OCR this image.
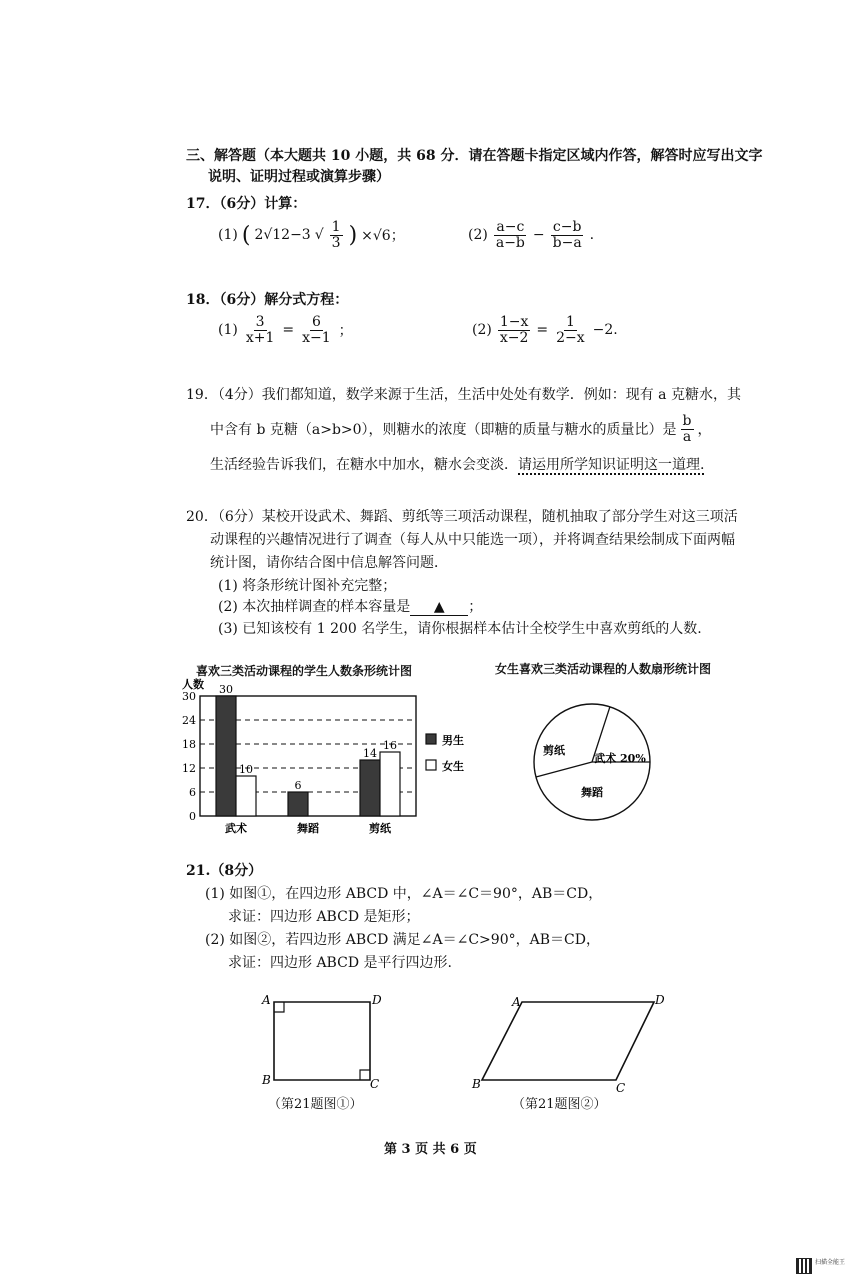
三、解答题（本大题共 10 小题，共 68 分．请在答题卡指定区域内作答，解答时应写出文字
说明、证明过程或演算步骤）
17．（6分）计算：
(1) ( 2√12−3 √ $\frac{1}{3}$ ) ×√6；	$(2) \frac{a-c}{a-b} - \frac{c-b}{b-a}$ .
18．（6分）解分式方程：
$(1) \frac{3}{x+1} = \frac{6}{x-1}$ ；	$(2) \frac{1-x}{x-2} = \frac{1}{2-x} -2$.
19．（4分）我们都知道，数学来源于生活，生活中处处有数学．例如：现有 a 克糖水，其
中含有 b 克糖（a>b>0），则糖水的浓度（即糖的质量与糖水的质量比）是 $\frac{b}{a}$ ，
生活经验告诉我们，在糖水中加水，糖水会变淡．请运用所学知识证明这一道理.
20．（6分）某校开设武术、舞蹈、剪纸等三项活动课程，随机抽取了部分学生对这三项活
动课程的兴趣情况进行了调查（每人从中只能选一项），并将调查结果绘制成下面两幅
统计图，请你结合图中信息解答问题．
(1) 将条形统计图补充完整；
(2) 本次抽样调查的样本容量是 ▲ ；
(3) 已知该校有 1 200 名学生，请你根据样本估计全校学生中喜欢剪纸的人数.
喜欢三类活动课程的学生人数条形统计图
人数
0
6
12
18
24
30
武术	舞蹈	剪纸
30
10
6
14
16	男生
女生
女生喜欢三类活动课程的人数扇形统计图
武术 20%
剪纸
舞蹈
21.（8分）
(1) 如图①，在四边形 ABCD 中，∠A＝∠C＝90°，AB＝CD，
求证：四边形 ABCD 是矩形；
(2) 如图②，若四边形 ABCD 满足∠A＝∠C>90°，AB＝CD，
求证：四边形 ABCD 是平行四边形.
A	D
B	C
（第21题图①）
A	D
B	C
（第21题图②）
第 3 页 共 6 页
扫描全能王
